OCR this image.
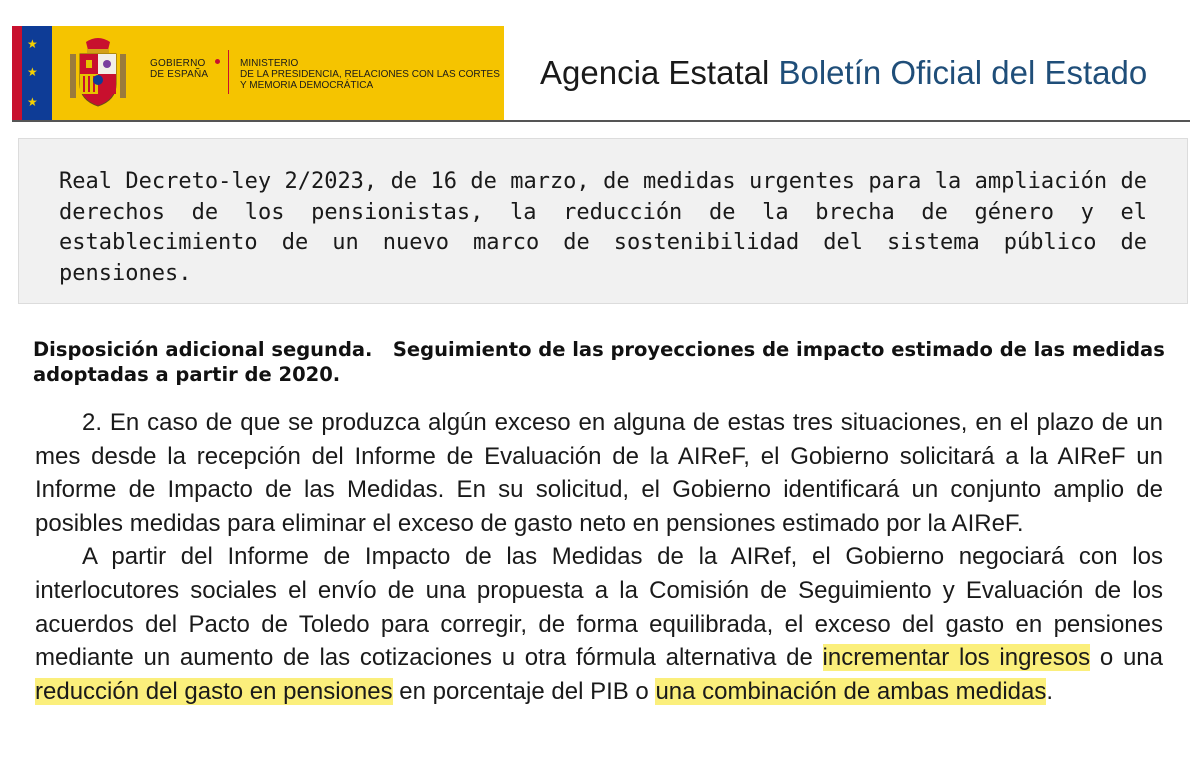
★
★
★
GOBIERNO
DE ESPAÑA
MINISTERIO
DE LA PRESIDENCIA, RELACIONES CON LAS CORTES
Y MEMORIA DEMOCRÁTICA	Agencia Estatal Boletín Oficial del Estado
Real Decreto-ley 2/2023, de 16 de marzo, de medidas urgentes para la ampliación de derechos de los pensionistas, la reducción de la brecha de género y el establecimiento de un nuevo marco de sostenibilidad del sistema público de pensiones.
Disposición adicional segunda.   Seguimiento de las proyecciones de impacto estimado de las medidas adoptadas a partir de 2020.

2. En caso de que se produzca algún exceso en alguna de estas tres situaciones, en el plazo de un mes desde la recepción del Informe de Evaluación de la AIReF, el Gobierno solicitará a la AIReF un Informe de Impacto de las Medidas. En su solicitud, el Gobierno identificará un conjunto amplio de posibles medidas para eliminar el exceso de gasto neto en pensiones estimado por la AIReF.

A partir del Informe de Impacto de las Medidas de la AIRef, el Gobierno negociará con los interlocutores sociales el envío de una propuesta a la Comisión de Seguimiento y Evaluación de los acuerdos del Pacto de Toledo para corregir, de forma equilibrada, el exceso del gasto en pensiones mediante un aumento de las cotizaciones u otra fórmula alternativa de incrementar los ingresos o una reducción del gasto en pensiones en porcentaje del PIB o una combinación de ambas medidas.
